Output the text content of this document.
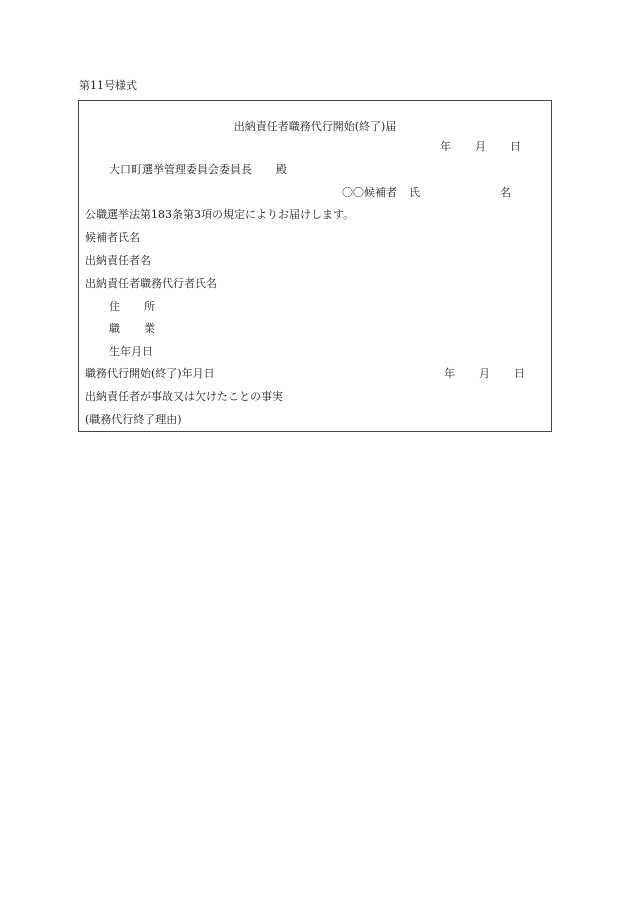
第11号様式
出納責任者職務代行開始(終了)届
年 月 日
大口町選挙管理委員会委員長 殿
〇〇候補者 氏	名
公職選挙法第183条第3項の規定によりお届けします。
候補者氏名
出納責任者名
出納責任者職務代行者氏名
住 所
職 業
生年月日
職務代行開始(終了)年月日	年 月 日
出納責任者が事故又は欠けたことの事実
(職務代行終了理由)
